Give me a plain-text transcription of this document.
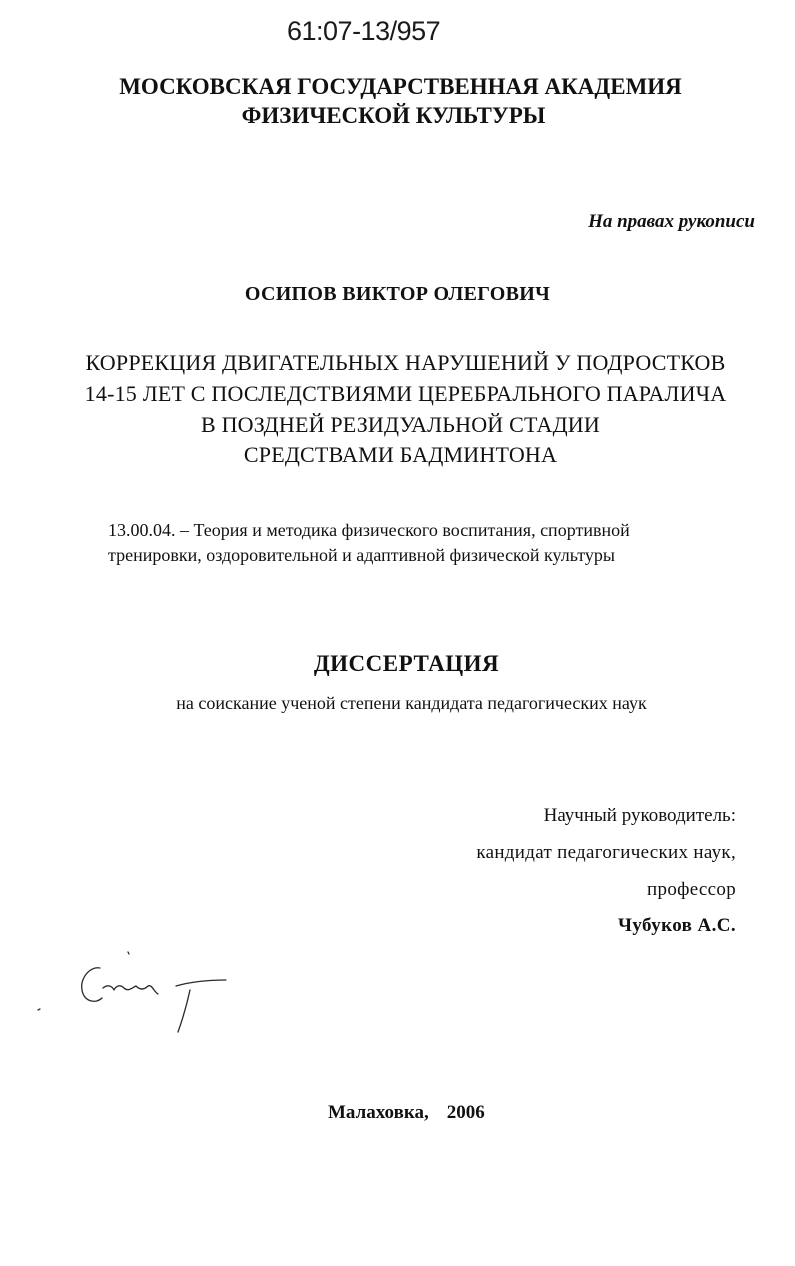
61:07-13/957
МОСКОВСКАЯ ГОСУДАРСТВЕННАЯ АКАДЕМИЯ
ФИЗИЧЕСКОЙ КУЛЬТУРЫ
На правах рукописи
ОСИПОВ ВИКТОР ОЛЕГОВИЧ
КОРРЕКЦИЯ ДВИГАТЕЛЬНЫХ НАРУШЕНИЙ У ПОДРОСТКОВ
14-15 ЛЕТ С ПОСЛЕДСТВИЯМИ ЦЕРЕБРАЛЬНОГО ПАРАЛИЧА
В ПОЗДНЕЙ РЕЗИДУАЛЬНОЙ СТАДИИ
СРЕДСТВАМИ БАДМИНТОНА
13.00.04. – Теория и методика физического воспитания, спортивной
тренировки, оздоровительной и адаптивной физической культуры
ДИССЕРТАЦИЯ
на соискание ученой степени кандидата педагогических наук
Научный руководитель:
кандидат педагогических наук,
профессор
Чубуков А.С.
Малаховка, 2006
